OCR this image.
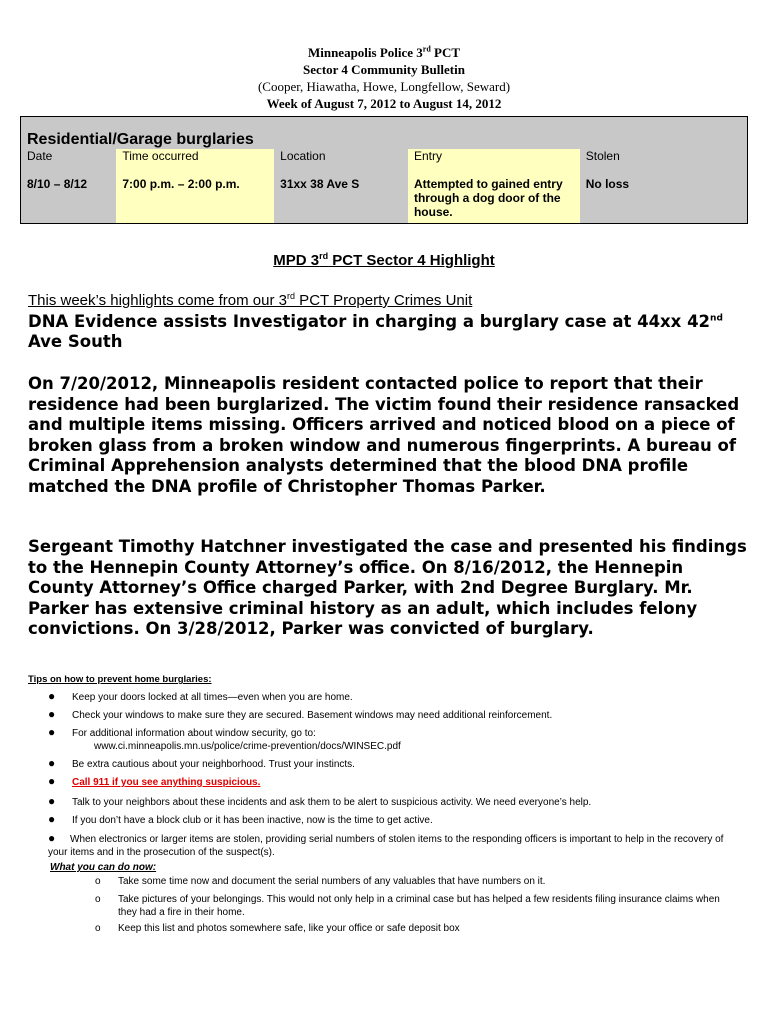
Minneapolis Police 3rd PCT
Sector 4 Community Bulletin
(Cooper, Hiawatha, Howe, Longfellow, Seward)
Week of August 7, 2012 to August 14, 2012
Residential/Garage burglaries				
Date	Time occurred	Location	Entry	Stolen
8/10 – 8/12	7:00 p.m. – 2:00 p.m.	31xx 38 Ave S	Attempted to gained entry through a dog door of the house.	No loss
MPD 3rd PCT Sector 4 Highlight
This week’s highlights come from our 3rd PCT Property Crimes Unit
DNA Evidence assists Investigator in charging a burglary case at 44xx 42nd Ave South
On 7/20/2012, Minneapolis resident contacted police to report that their residence had been burglarized. The victim found their residence ransacked and multiple items missing. Officers arrived and noticed blood on a piece of broken glass from a broken window and numerous fingerprints. A bureau of Criminal Apprehension analysts determined that the blood DNA profile matched the DNA profile of Christopher Thomas Parker.
Sergeant Timothy Hatchner investigated the case and presented his findings to the Hennepin County Attorney’s office. On 8/16/2012, the Hennepin County Attorney’s Office charged Parker, with 2nd Degree Burglary. Mr. Parker has extensive criminal history as an adult, which includes felony convictions. On 3/28/2012, Parker was convicted of burglary.
Tips on how to prevent home burglaries:
● Keep your doors locked at all times—even when you are home.
● Check your windows to make sure they are secured. Basement windows may need additional reinforcement.
● For additional information about window security, go to:
www.ci.minneapolis.mn.us/police/crime-prevention/docs/WINSEC.pdf
● Be extra cautious about your neighborhood. Trust your instincts.
● Call 911 if you see anything suspicious.
● Talk to your neighbors about these incidents and ask them to be alert to suspicious activity. We need everyone’s help.
● If you don’t have a block club or it has been inactive, now is the time to get active.
●	When electronics or larger items are stolen, providing serial numbers of stolen items to the responding officers is important to help in the recovery of your items and in the prosecution of the suspect(s).
What you can do now:
o Take some time now and document the serial numbers of any valuables that have numbers on it.
o Take pictures of your belongings. This would not only help in a criminal case but has helped a few residents filing insurance claims when they had a fire in their home.
o Keep this list and photos somewhere safe, like your office or safe deposit box
